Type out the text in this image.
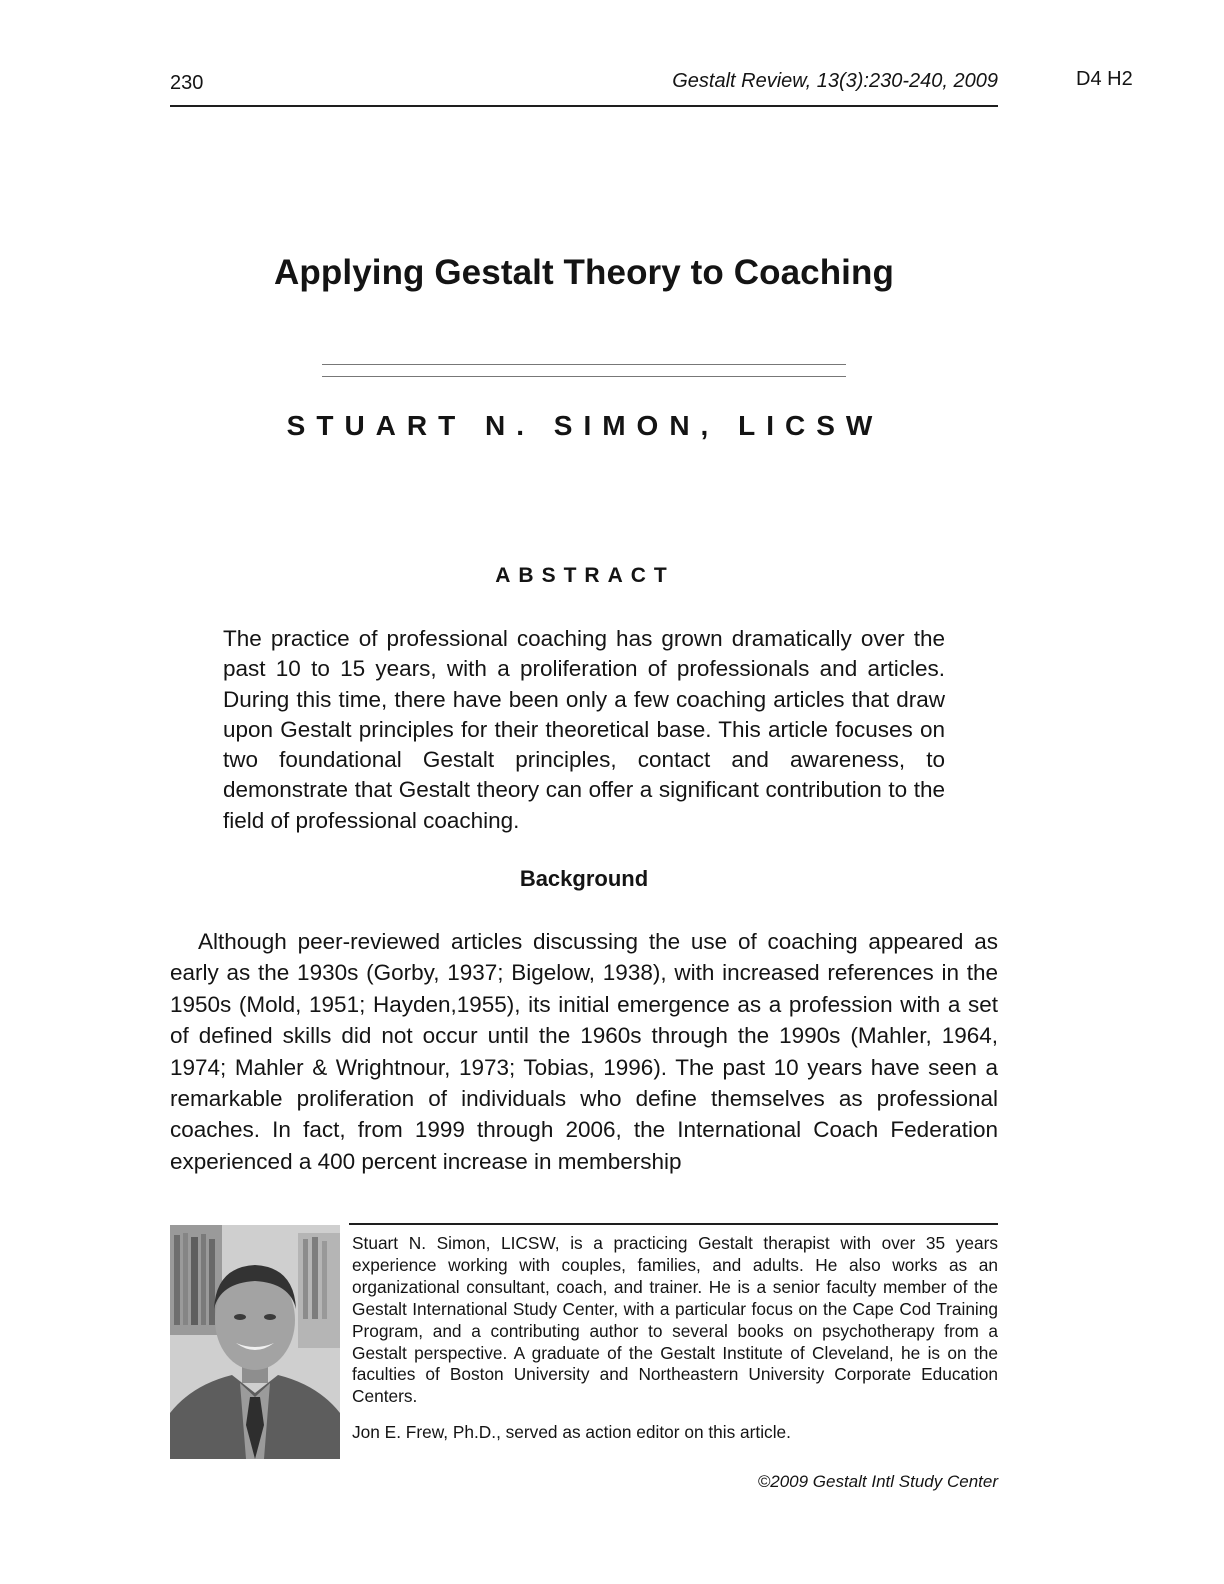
230	Gestalt Review, 13(3):230-240, 2009	D4 H2
Applying Gestalt Theory to Coaching
STUART N. SIMON, LICSW
ABSTRACT

The practice of professional coaching has grown dramatically over the past 10 to 15 years, with a proliferation of professionals and articles. During this time, there have been only a few coaching articles that draw upon Gestalt principles for their theoretical base. This article focuses on two foundational Gestalt principles, contact and awareness, to demonstrate that Gestalt theory can offer a significant contribution to the field of professional coaching.

Background

Although peer-reviewed articles discussing the use of coaching appeared as early as the 1930s (Gorby, 1937; Bigelow, 1938), with increased references in the 1950s (Mold, 1951; Hayden,1955), its initial emergence as a profession with a set of defined skills did not occur until the 1960s through the 1990s (Mahler, 1964, 1974; Mahler & Wrightnour, 1973; Tobias, 1996). The past 10 years have seen a remarkable proliferation of individuals who define themselves as professional coaches. In fact, from 1999 through 2006, the International Coach Federation experienced a 400 percent increase in membership

Stuart N. Simon, LICSW, is a practicing Gestalt therapist with over 35 years experience working with couples, families, and adults. He also works as an organizational consultant, coach, and trainer. He is a senior faculty member of the Gestalt International Study Center, with a particular focus on the Cape Cod Training Program, and a contributing author to several books on psychotherapy from a Gestalt perspective. A graduate of the Gestalt Institute of Cleveland, he is on the faculties of Boston University and Northeastern University Corporate Education Centers.

Jon E. Frew, Ph.D., served as action editor on this article.

©2009 Gestalt Intl Study Center
